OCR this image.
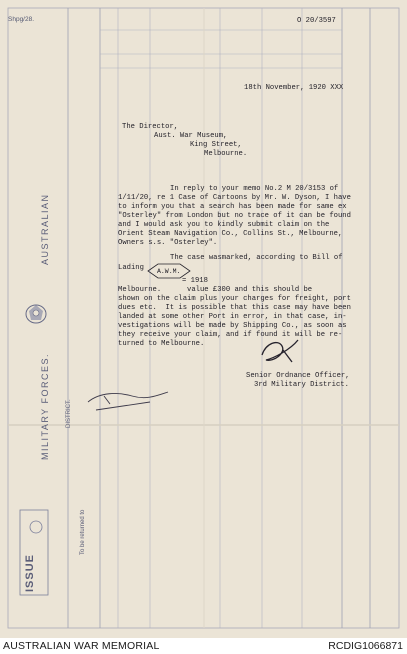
AUSTRALIAN
MILITARY FORCES.	DISTRICT.
To be returned to
ISSUE
Shpg/28.	O 20/3597
18th November, 1920 XXX
The Director,
Aust. War Museum,
King Street,
Melbourne.
In reply to your memo No.2 M 20/3153 of
1/11/20, re 1 Case of Cartoons by Mr. W. Dyson, I have
to inform you that a search has been made for same ex
"Osterley" from London but no trace of it can be found
and I would ask you to kindly submit claim on the
Orient Steam Navigation Co., Collins St., Melbourne,
Owners s.s. "Osterley".
The case wasmarked, according to Bill of
Lading A.W.M.
= 1918
Melbourne.      value £300 and this should be
shown on the claim plus your charges for freight, port
dues etc.  It is possible that this case may have been
landed at some other Port in error, in that case, in-
vestigations will be made by Shipping Co., as soon as
they receive your claim, and if found it will be re-
turned to Melbourne.
Senior Ordnance Officer,
3rd Military District.
AUSTRALIAN WAR MEMORIAL	RCDIG1066871
